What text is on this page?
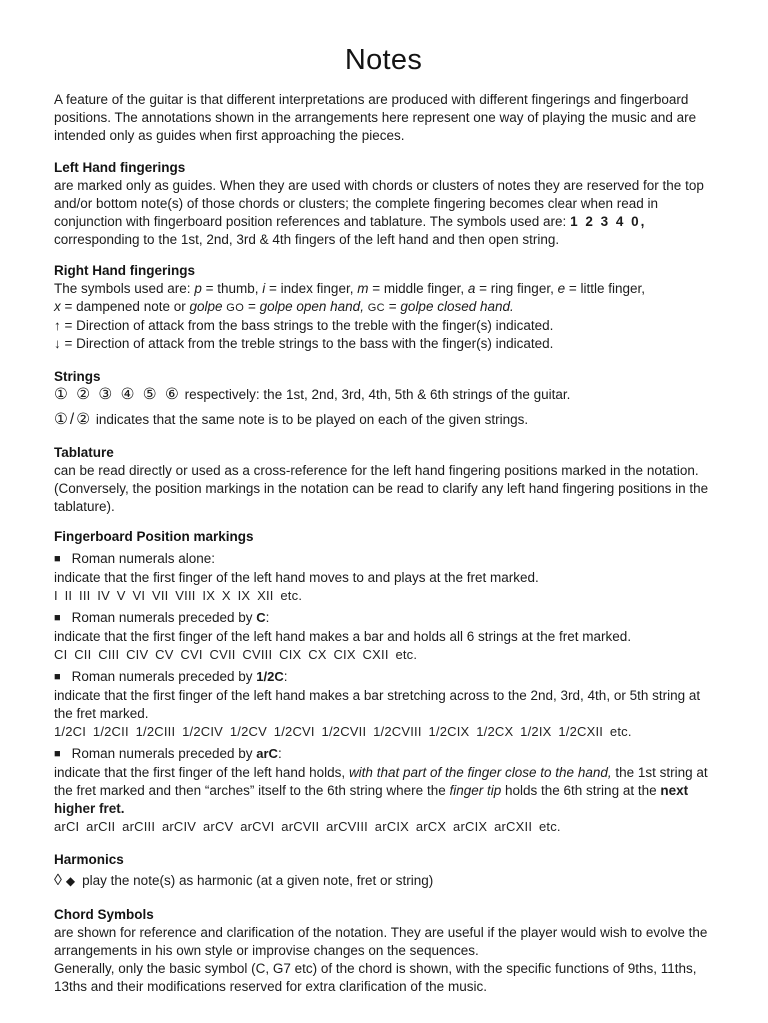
Notes

A feature of the guitar is that different interpretations are produced with different fingerings and fingerboard positions. The annotations shown in the arrangements here represent one way of playing the music and are intended only as guides when first approaching the pieces.

Left Hand fingerings

are marked only as guides. When they are used with chords or clusters of notes they are reserved for the top and/or bottom note(s) of those chords or clusters; the complete fingering becomes clear when read in conjunction with fingerboard position references and tablature. The symbols used are: 1 2 3 4 0, corresponding to the 1st, 2nd, 3rd & 4th fingers of the left hand and then open string.

Right Hand fingerings
The symbols used are: p = thumb, i = index finger, m = middle finger, a = ring finger, e = little finger,
x = dampened note or golpe GO = golpe open hand, GC = golpe closed hand.
↑ = Direction of attack from the bass strings to the treble with the finger(s) indicated.
↓ = Direction of attack from the treble strings to the bass with the finger(s) indicated.
Strings
① ② ③ ④ ⑤ ⑥ respectively: the 1st, 2nd, 3rd, 4th, 5th & 6th strings of the guitar.
①/② indicates that the same note is to be played on each of the given strings.
Tablature

can be read directly or used as a cross-reference for the left hand fingering positions marked in the notation. (Conversely, the position markings in the notation can be read to clarify any left hand fingering positions in the tablature).

Fingerboard Position markings
■ Roman numerals alone:
indicate that the first finger of the left hand moves to and plays at the fret marked.
I II III IV V VI VII VIII IX X IX XII etc.
■ Roman numerals preceded by C:
indicate that the first finger of the left hand makes a bar and holds all 6 strings at the fret marked.
CI CII CIII CIV CV CVI CVII CVIII CIX CX CIX CXII etc.
■ Roman numerals preceded by 1/2C:
indicate that the first finger of the left hand makes a bar stretching across to the 2nd, 3rd, 4th, or 5th string at the fret marked.
1/2CI 1/2CII 1/2CIII 1/2CIV 1/2CV 1/2CVI 1/2CVII 1/2CVIII 1/2CIX 1/2CX 1/2IX 1/2CXII etc.
■ Roman numerals preceded by arC:
indicate that the first finger of the left hand holds, with that part of the finger close to the hand, the 1st string at the fret marked and then “arches” itself to the 6th string where the finger tip holds the 6th string at the next higher fret.
arCI arCII arCIII arCIV arCV arCVI arCVII arCVIII arCIX arCX arCIX arCXII etc.
Harmonics
◊ ◆ play the note(s) as harmonic (at a given note, fret or string)
Chord Symbols

are shown for reference and clarification of the notation. They are useful if the player would wish to evolve the arrangements in his own style or improvise changes on the sequences.

Generally, only the basic symbol (C, G7 etc) of the chord is shown, with the specific functions of 9ths, 11ths, 13ths and their modifications reserved for extra clarification of the music.
